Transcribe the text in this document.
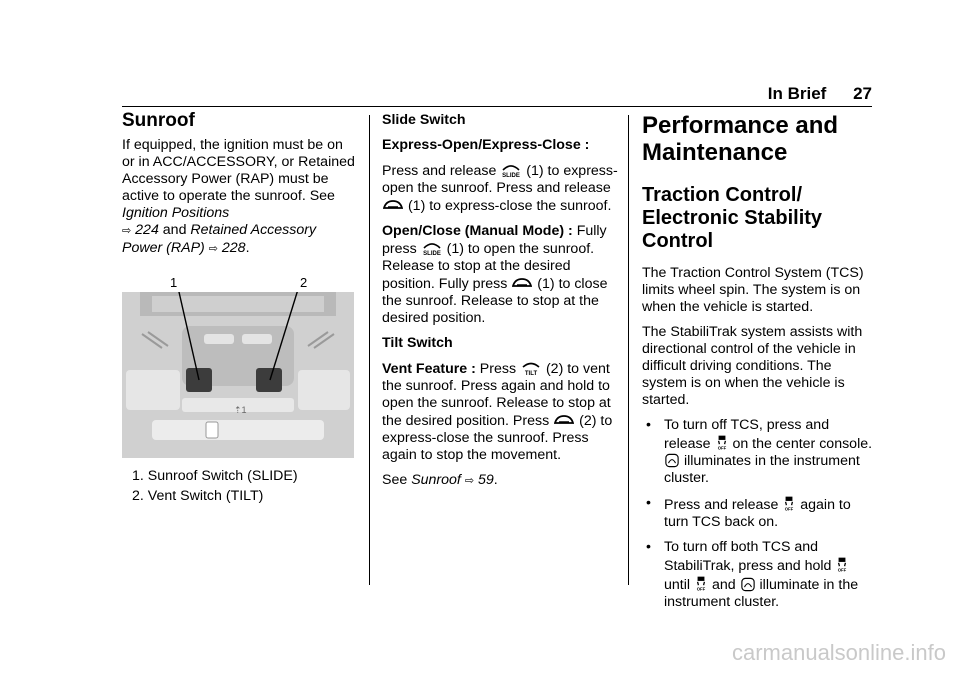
In Brief 27
Sunroof

If equipped, the ignition must be on or in ACC/ACCESSORY, or Retained Accessory Power (RAP) must be active to operate the sunroof. See Ignition Positions
⇨ 224 and Retained Accessory Power (RAP) ⇨ 228.

1	2
⇡1
1. Sunroof Switch (SLIDE)
2. Vent Switch (TILT)

Slide Switch

Express-Open/Express-Close :

Press and release SLIDE (1) to express-open the sunroof. Press and release  (1) to express-close the sunroof.

Open/Close (Manual Mode) : Fully press SLIDE (1) to open the sunroof. Release to stop at the desired position. Fully press (1) to close the sunroof. Release to stop at the desired position.

Tilt Switch

Vent Feature : Press TILT (2) to vent the sunroof. Press again and hold to open the sunroof. Release to stop at the desired position. Press (2) to express-close the sunroof. Press again to stop the movement.

See Sunroof ⇨ 59.

Performance and Maintenance
Traction Control/ Electronic Stability Control

The Traction Control System (TCS) limits wheel spin. The system is on when the vehicle is started.

The StabiliTrak system assists with directional control of the vehicle in difficult driving conditions. The system is on when the vehicle is started.

• To turn off TCS, press and release OFF on the center console.
illuminates in the instrument cluster.
• Press and release OFF again to turn TCS back on.
• To turn off both TCS and StabiliTrak, press and hold OFF
until OFF and illuminate in the instrument cluster.
carmanualsonline.info
